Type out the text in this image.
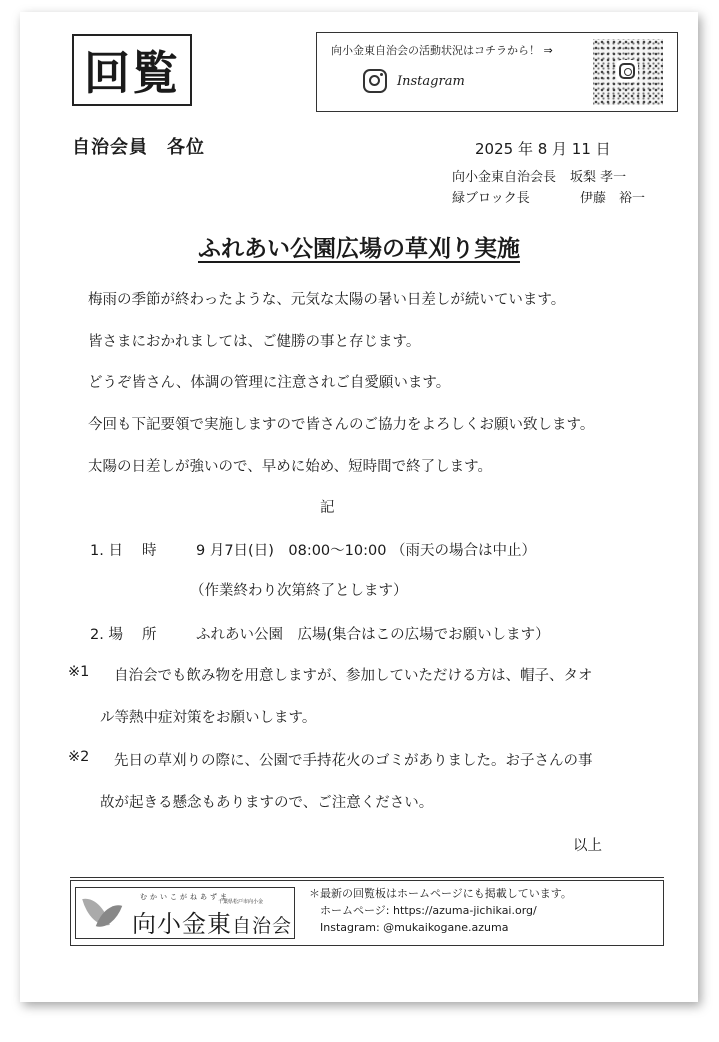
回覧	向小金東自治会の活動状況はコチラから！ ⇒
Instagram
自治会員　各位	2025 年 8 月 11 日
向小金東自治会長 坂梨 孝一
緑ブロック長	伊藤　裕一
ふれあい公園広場の草刈り実施
梅雨の季節が終わったような、元気な太陽の暑い日差しが続いています。
皆さまにおかれましては、ご健勝の事と存じます。
どうぞ皆さん、体調の管理に注意されご自愛願います。
今回も下記要領で実施しますので皆さんのご協力をよろしくお願い致します。
太陽の日差しが強いので、早めに始め、短時間で終了します。
記
1. 日　 時	9 月7日(日)　08:00～10:00 （雨天の場合は中止）
（作業終わり次第終了とします）
2. 場　 所	ふれあい公園　広場(集合はこの広場でお願いします）
※1 自治会でも飲み物を用意しますが、参加していただける方は、帽子、タオ
ル等熱中症対策をお願いします。
※2 先日の草刈りの際に、公園で手持花火のゴミがありました。お子さんの事
故が起きる懸念もありますので、ご注意ください。
以上
むかいこがねあずま
千葉県松戸市向小金
向小金東自治会
＊最新の回覧板はホームページにも掲載しています。
ホームページ: https://azuma-jichikai.org/
Instagram: @mukaikogane.azuma
